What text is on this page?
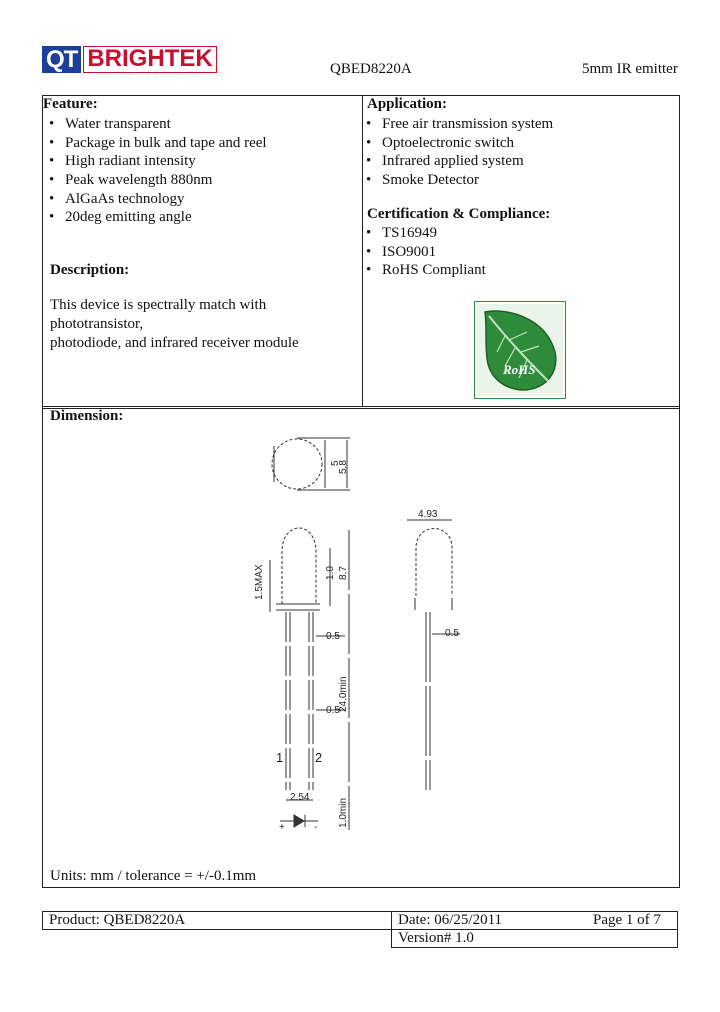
QT BRIGHTEK	QBED8220A	5mm IR emitter
Feature:
• Water transparent
• Package in bulk and tape and reel
• High radiant intensity
• Peak wavelength 880nm
• AlGaAs technology
• 20deg emitting angle
Description:
This device is spectrally match with phototransistor,
photodiode, and infrared receiver module
Application:
• Free air transmission system
• Optoelectronic switch
• Infrared applied system
• Smoke Detector
Certification & Compliance:
• TS16949
• ISO9001
• RoHS Compliant
RoHS
Dimension:
5
5.8
4.93
1.0 8.7
1.5MAX
0.5
0.5
0.5
24.0min
2.54
1.0min
1 2
+	-
Units: mm / tolerance = +/-0.1mm
Product: QBED8220A	Date: 06/25/2011	Page 1 of 7
Version# 1.0
